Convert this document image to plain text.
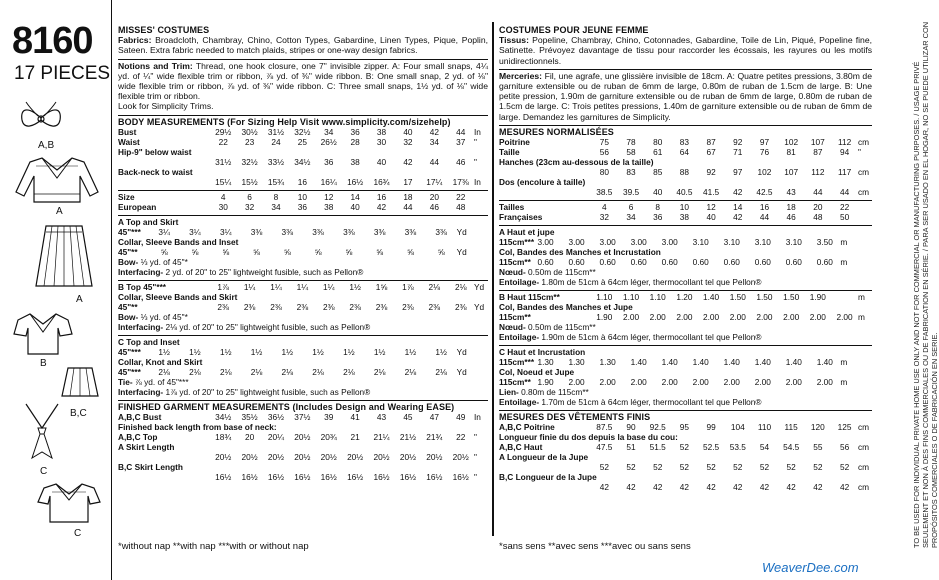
8160
17 PIECES
A,B
A
A
B
B,C
C
C
MISSES' COSTUMES
Fabrics: Broadcloth, Chambray, Chino, Cotton Types, Gabardine, Linen Types, Pique, Poplin, Sateen. Extra fabric needed to match plaids, stripes or one-way design fabrics.
Notions and Trim: Thread, one hook closure, one 7" invisible zipper. A: Four small snaps, 4¼ yd. of ¼" wide flexible trim or ribbon, ⅞ yd. of ⅜" wide ribbon. B: One small snap, 2 yd. of ⅛" wide flexible trim or ribbon, ⅞ yd. of ⅜" wide ribbon. C: Three small snaps, 1½ yd. of ⅛" wide flexible trim or ribbon.
Look for Simplicity Trims.
BODY MEASUREMENTS (For Sizing Help Visit www.simplicity.com/sizehelp)
Bust	29½	30½	31½	32½	34	36	38	40	42	44	In
Waist	22	23	24	25	26½	28	30	32	34	37	"
Hip-9" below waist											
	31½	32½	33½	34½	36	38	40	42	44	46	"
Back-neck to waist											
	15¼	15½	15¾	16	16¼	16½	16¾	17	17¼	17⅜	In
Size	4	6	8	10	12	14	16	18	20	22	
European	30	32	34	36	38	40	42	44	46	48	
A Top and Skirt											
45"***	3¼	3¼	3¼	3⅜	3⅜	3⅜	3⅜	3⅜	3⅜	3⅜	Yd
Collar, Sleeve Bands and Inset											
45"**	⅝	⅝	⅝	⅝	⅝	⅝	⅝	⅝	⅝	⅝	Yd
Bow- ⅓ yd. of 45"*											
Interfacing- 2 yd. of 20" to 25" lightweight fusible, such as Pellon®											
B Top 45"***	1⅞	1¼	1¼	1¼	1¼	1½	1⅝	1⅞	2⅛	2⅛	Yd
Collar, Sleeve Bands and Skirt											
45"**	2⅜	2⅜	2⅜	2⅜	2⅜	2⅜	2⅜	2⅜	2⅜	2⅜	Yd
Bow- ⅓ yd. of 45"*											
Interfacing- 2⅛ yd. of 20" to 25" lightweight fusible, such as Pellon®											
C Top and Inset											
45"***	1½	1½	1½	1½	1½	1½	1½	1½	1½	1½	Yd
Collar, Knot and Skirt											
45"***	2⅛	2⅛	2⅛	2⅛	2⅛	2⅛	2⅛	2⅛	2⅛	2⅛	Yd
Tie- ⅞ yd. of 45"***											
Interfacing- 1⅞ yd. of 20" to 25" lightweight fusible, such as Pellon®											
FINISHED GARMENT MEASUREMENTS (Includes Design and Wearing EASE)
A,B,C Bust	34½	35½	36½	37½	39	41	43	45	47	49	In
Finished back length from base of neck:											
A,B,C Top	18¾	20	20¼	20½	20¾	21	21¼	21½	21¾	22	"
A Skirt Length											
	20½	20½	20½	20½	20½	20½	20½	20½	20½	20½	"
B,C Skirt Length											
	16½	16½	16½	16½	16½	16½	16½	16½	16½	16½	"
COSTUMES POUR JEUNE FEMME
Tissus: Popeline, Chambray, Chino, Cotonnades, Gabardine, Toile de Lin, Piqué, Popeline fine, Satinette. Prévoyez davantage de tissu pour raccorder les écossais, les rayures ou les motifs unidirectionnels.
Merceries: Fil, une agrafe, une glissière invisible de 18cm. A: Quatre petites pressions, 3.80m de garniture extensible ou de ruban de 6mm de large, 0.80m de ruban de 1.5cm de large. B: Une petite pression, 1.90m de garniture extensible ou de ruban de 6mm de large, 0.80m de ruban de 1.5cm de large. C: Trois petites pressions, 1.40m de garniture extensible ou de ruban de 6mm de large. Demandez les garnitures de Simplicity.
MESURES NORMALISÉES
Poitrine	75	78	80	83	87	92	97	102	107	112	cm
Taille	56	58	61	64	67	71	76	81	87	94	"
Hanches (23cm au-dessous de la taille)											
	80	83	85	88	92	97	102	107	112	117	cm
Dos (encolure à taille)											
	38.5	39.5	40	40.5	41.5	42	42.5	43	44	44	cm
Tailles	4	6	8	10	12	14	16	18	20	22	
Françaises	32	34	36	38	40	42	44	46	48	50	
A Haut et jupe											
115cm***	3.00	3.00	3.00	3.00	3.00	3.10	3.10	3.10	3.10	3.50	m
Col, Bandes des Manches et Incrustation											
115cm**	0.60	0.60	0.60	0.60	0.60	0.60	0.60	0.60	0.60	0.60	m
Nœud- 0.50m de 115cm**											
Entoilage- 1.80m de 51cm à 64cm léger, thermocollant tel que Pellon®											
B Haut 115cm**	1.10	1.10	1.10	1.20	1.40	1.50	1.50	1.50	1.90		m
Col, Bandes des Manches et Jupe											
115cm**	1.90	2.00	2.00	2.00	2.00	2.00	2.00	2.00	2.00	2.00	m
Nœud- 0.50m de 115cm**											
Entoilage- 1.90m de 51cm à 64cm léger, thermocollant tel que Pellon®											
C Haut et Incrustation											
115cm***	1.30	1.30	1.30	1.40	1.40	1.40	1.40	1.40	1.40	1.40	m
Col, Noeud et Jupe											
115cm**	1.90	2.00	2.00	2.00	2.00	2.00	2.00	2.00	2.00	2.00	m
Lien- 0.80m de 115cm**											
Entoilage- 1.70m de 51cm à 64cm léger, thermocollant tel que Pellon®											
MESURES DES VÊTEMENTS FINIS
A,B,C Poitrine	87.5	90	92.5	95	99	104	110	115	120	125	cm
Longueur finie du dos depuis la base du cou:											
A,B,C Haut	47.5	51	51.5	52	52.5	53.5	54	54.5	55	56	cm
A Longueur de la Jupe											
	52	52	52	52	52	52	52	52	52	52	cm
B,C Longueur de la Jupe											
	42	42	42	42	42	42	42	42	42	42	cm
*without nap **with nap ***with or without nap	*sans sens **avec sens ***avec ou sans sens	TO BE USED FOR INDIVIDUAL PRIVATE HOME USE ONLY AND NOT FOR COMMERCIAL OR MANUFACTURING PURPOSES. / USAGE PRIVÉ SEULEMENT ET NON À DES FINS COMMERCIALES OU DE FABRICATION EN SÉRIE. / PARA SER USADO EN EL HOGAR, NO SE PUEDE UTILIZAR CON PROPÓSITOS COMERCIALES O DE FABRICACIÓN EN SERIE.
WeaverDee.com
